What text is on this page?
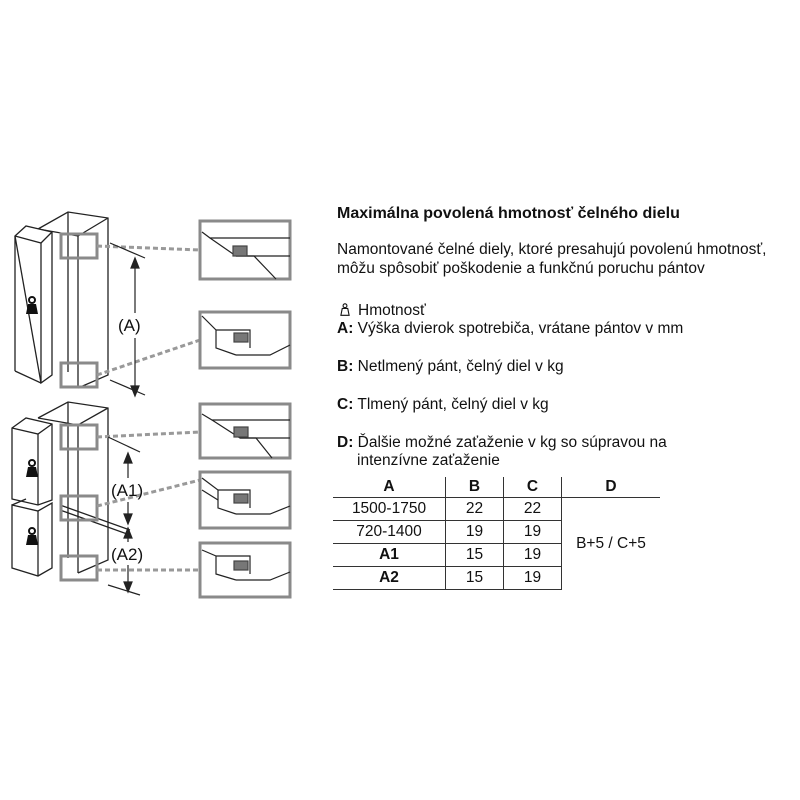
(A)
(A1)
(A2)
Maximálna povolená hmotnosť čelného dielu
Namontované čelné diely, ktoré presahujú povolenú hmotnosť, môžu spôsobiť poškodenie a funkčnú poruchu pántov
Hmotnosť
A: Výška dvierok spotrebiča, vrátane pántov v mm
B: Netlmený pánt, čelný diel v kg
C: Tlmený pánt, čelný diel v kg
D: Ďalšie možné zaťaženie v kg so súpravou na
intenzívne zaťaženie
A	B	C	D
1500-1750	22	22	B+5 / C+5
720-1400	19	19	
A1	15	19	
A2	15	19	
